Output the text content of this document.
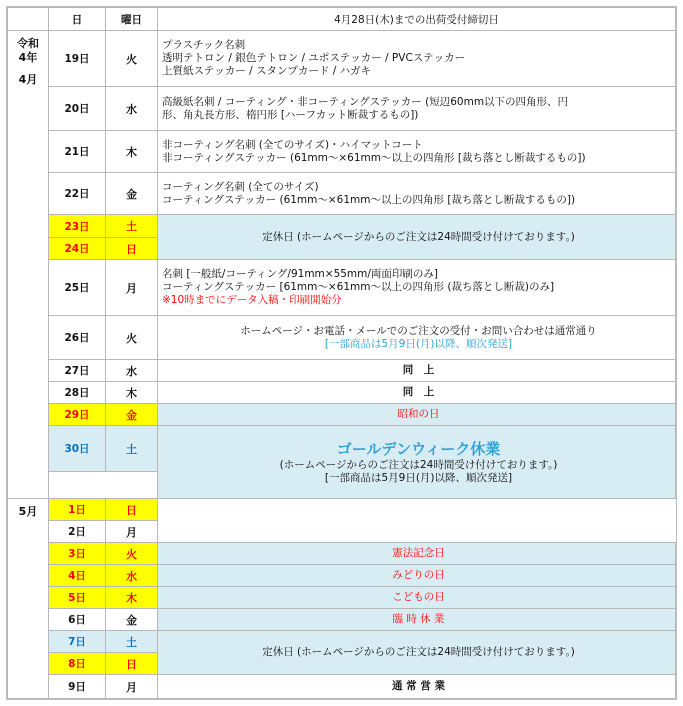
	日	曜日	4月28日(木)までの出荷受付締切日

令和
4年
4月	19日	火	プラスチック名刺
透明テトロン / 銀色テトロン / ユポステッカー / PVCステッカー
上質紙ステッカー / スタンプカード / ハガキ

	20日	水	高級紙名刺 / コーティング・非コーティングステッカー (短辺60mm以下の四角形、円
形、角丸長方形、楕円形 [ハーフカット断裁するもの])

	21日	木	非コーティング名刺 (全てのサイズ)・ハイマットコート
非コーティングステッカー (61mm～×61mm～以上の四角形 [裁ち落とし断裁するもの])

	22日	金	コーティング名刺 (全てのサイズ)
コーティングステッカー (61mm～×61mm～以上の四角形 [裁ち落とし断裁するもの])

	23日	土	定休日 (ホームページからのご注文は24時間受け付けております。)
	24日	日	
	25日	月	名刺 [一般紙/コーティング/91mm×55mm/両面印刷のみ]
コーティングステッカー [61mm～×61mm～以上の四角形 (裁ち落とし断裁)のみ]
※10時までにデータ入稿・印刷開始分

	26日	火	ホームページ・お電話・メールでのご注文の受付・お問い合わせは通常通り
[一部商品は5月9日(月)以降、順次発送]

	27日	水	同　上
	28日	木	同　上
	29日	金	昭和の日
	30日	土	ゴールデンウィーク休業
(ホームページからのご注文は24時間受け付けております。)
[一部商品は5月9日(月)以降、順次発送]

5月	1日	日	
	2日	月	
	3日	火	憲法記念日
	4日	水	みどりの日
	5日	木	こどもの日
	6日	金	臨 時 休 業
	7日	土	定休日 (ホームページからのご注文は24時間受け付けております。)
	8日	日	
	9日	月	通 常 営 業
